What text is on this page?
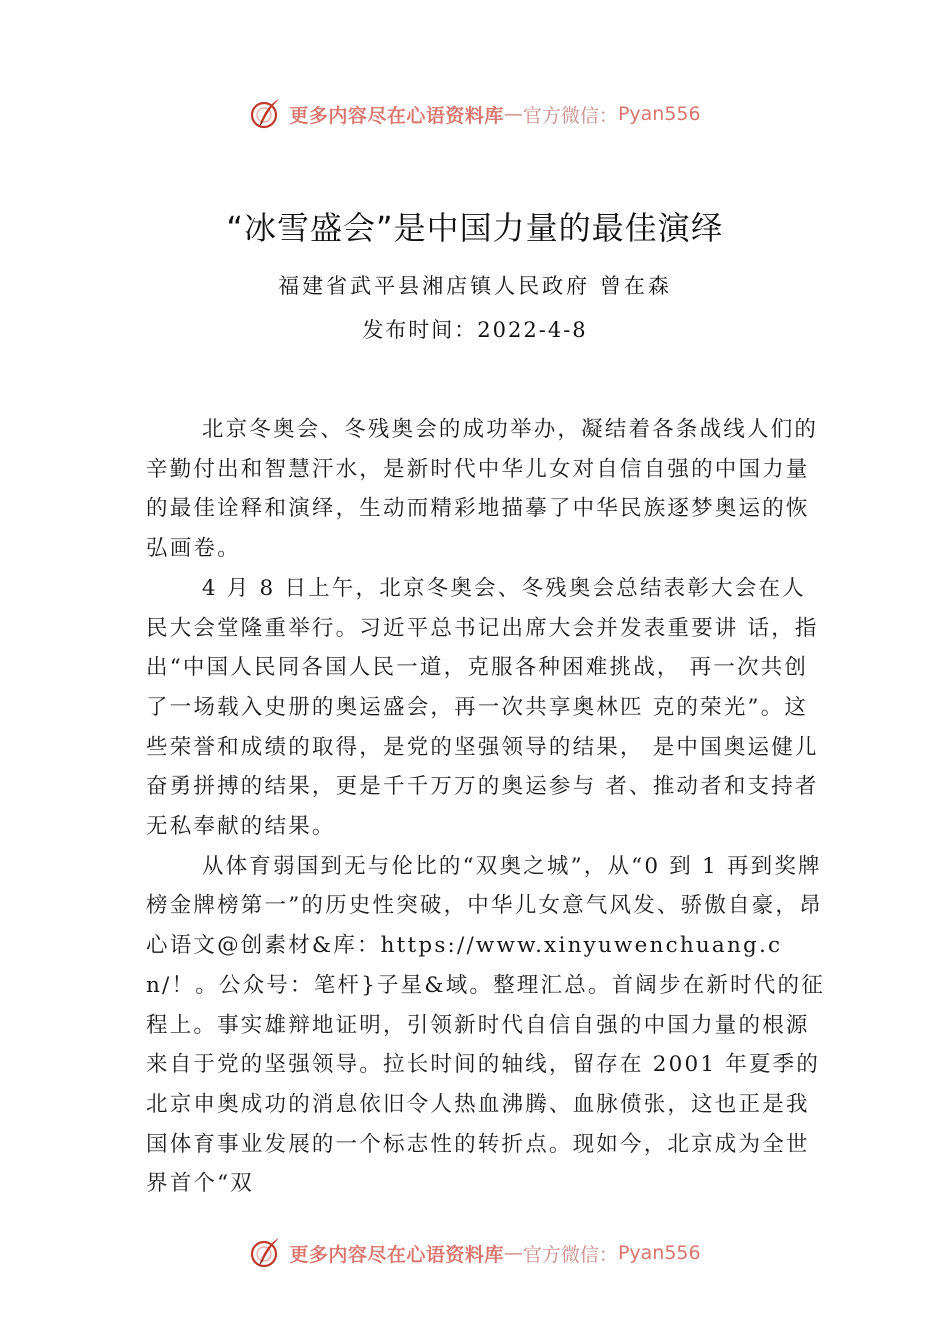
更多内容尽在心语资料库 — 官方微信： Pyan556
“冰雪盛会”是中国力量的最佳演绎
福建省武平县湘店镇人民政府 曾在森
发布时间：2022-4-8

北京冬奥会、冬残奥会的成功举办，凝结着各条战线人们的辛勤付出和智慧汗水，是新时代中华儿女对自信自强的中国力量的最佳诠释和演绎，生动而精彩地描摹了中华民族逐梦奥运的恢弘画卷。

4 月 8 日上午，北京冬奥会、冬残奥会总结表彰大会在人民大会堂隆重举行。习近平总书记出席大会并发表重要讲 话，指出“中国人民同各国人民一道，克服各种困难挑战， 再一次共创了一场载入史册的奥运盛会，再一次共享奥林匹 克的荣光”。这些荣誉和成绩的取得，是党的坚强领导的结果， 是中国奥运健儿奋勇拼搏的结果，更是千千万万的奥运参与 者、推动者和支持者无私奉献的结果。

从体育弱国到无与伦比的“双奥之城”，从“0 到 1 再到奖牌榜金牌榜第一”的历史性突破，中华儿女意气风发、骄傲自豪，昂心语文@创素材&库：https://www.xinyuwenchuang.cn/！。公众号：笔杆}子星&域。整理汇总。首阔步在新时代的征程上。事实雄辩地证明，引领新时代自信自强的中国力量的根源来自于党的坚强领导。拉长时间的轴线，留存在 2001 年夏季的北京申奥成功的消息依旧令人热血沸腾、血脉偾张，这也正是我国体育事业发展的一个标志性的转折点。现如今，北京成为全世界首个“双

更多内容尽在心语资料库 — 官方微信： Pyan556
